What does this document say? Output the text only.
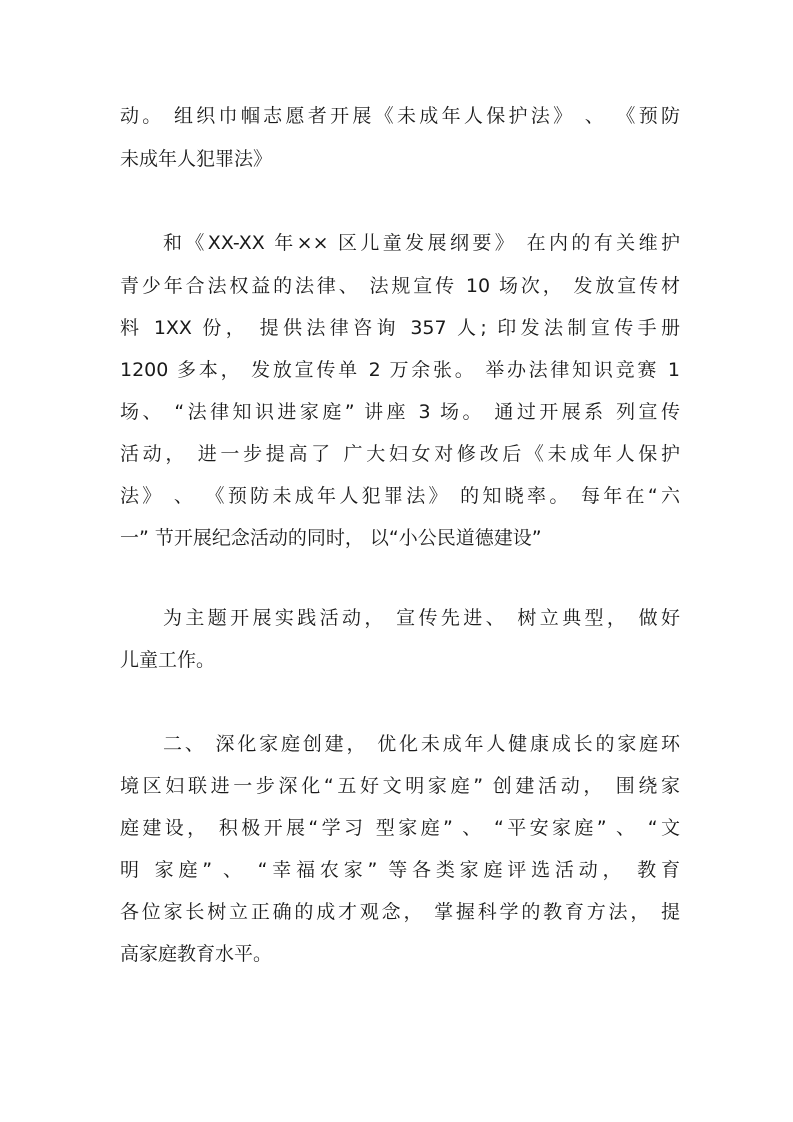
动。 组织巾帼志愿者开展《未成年人保护法》 、 《预防
未成年人犯罪法》
和《XX-XX 年×× 区儿童发展纲要》 在内的有关维护
青少年合法权益的法律、 法规宣传 10 场次， 发放宣传材
料 1XX 份， 提供法律咨询 357 人; 印发法制宣传手册
1200 多本， 发放宣传单 2 万余张。 举办法律知识竞赛 1
场、 “法律知识进家庭” 讲座 3 场。 通过开展系 列宣传
活动， 进一步提高了 广大妇女对修改后《未成年人保护
法》 、 《预防未成年人犯罪法》 的知晓率。 每年在“六
一” 节开展纪念活动的同时， 以“小公民道德建设”
为主题开展实践活动， 宣传先进、 树立典型， 做好
儿童工作。
二、 深化家庭创建， 优化未成年人健康成长的家庭环
境区妇联进一步深化“五好文明家庭” 创建活动， 围绕家
庭建设， 积极开展“学习 型家庭” 、 “平安家庭” 、 “文
明 家庭” 、 “幸福农家” 等各类家庭评选活动， 教育
各位家长树立正确的成才观念， 掌握科学的教育方法， 提
高家庭教育水平。
